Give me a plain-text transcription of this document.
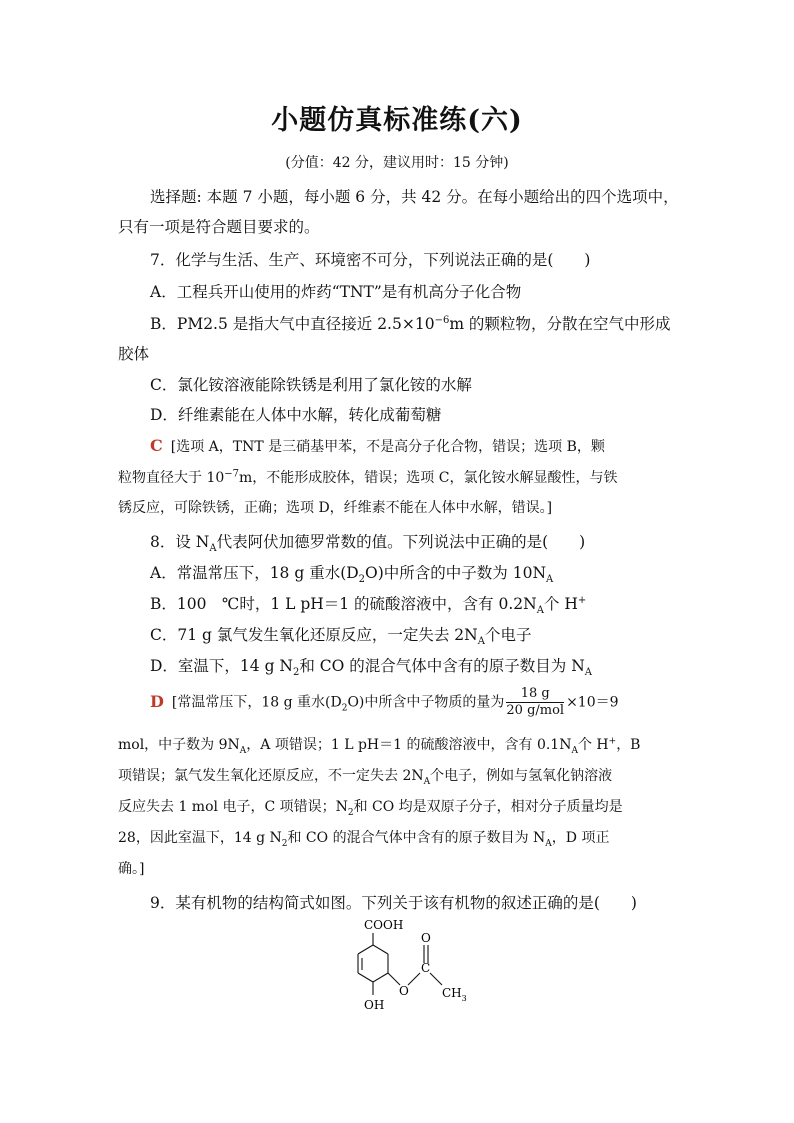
小题仿真标准练(六)
(分值：42 分，建议用时：15 分钟)
选择题: 本题 7 小题，每小题 6 分，共 42 分。在每小题给出的四个选项中，
只有一项是符合题目要求的。
7．化学与生活、生产、环境密不可分，下列说法正确的是(　　)
A．工程兵开山使用的炸药“TNT”是有机高分子化合物
B．PM2.5 是指大气中直径接近 $2.5\times 10^{-6}m$ 的颗粒物，分散在空气中形成
胶体
C．氯化铵溶液能除铁锈是利用了氯化铵的水解
D．纤维素能在人体中水解，转化成葡萄糖
C [选项 A，TNT 是三硝基甲苯，不是高分子化合物，错误；选项 B，颗
粒物直径大于 $10^{-7}m$，不能形成胶体，错误；选项 C，氯化铵水解显酸性，与铁
锈反应，可除铁锈，正确；选项 D，纤维素不能在人体中水解，错误。]
8．设 $N_A$代表阿伏加德罗常数的值。下列说法中正确的是(　　)
A．常温常压下，18 g 重水$(D_2O)$中所含的中子数为 $10N_A$
B．100　℃时，1 L pH＝1 的硫酸溶液中，含有 $0.2N_A$个 H+
C．71 g 氯气发生氧化还原反应，一定失去 $2N_A$个电子
D．室温下，14 g $N_2$和 CO 的混合气体中含有的原子数目为 $N_A$
D [常温常压下，18 g 重水$(D_2O)$中所含中子物质的量为 $\frac{18 g}{\text{20 g/mol}} \times 10=9$
mol，中子数为 $9N_A$，A 项错误；1 L pH＝1 的硫酸溶液中，含有 $0.1N_A$个 H+，B
项错误；氯气发生氧化还原反应，不一定失去 $2N_A$个电子，例如与氢氧化钠溶液
反应失去 1 mol 电子，C 项错误；$N_2$和 CO 均是双原子分子，相对分子质量均是
28，因此室温下，14 g $N_2$和 CO 的混合气体中含有的原子数目为 $N_A$，D 项正
确。]
9．某有机物的结构简式如图。下列关于该有机物的叙述正确的是(　　)
COOH
O
C
O	$CH_3$
OH
